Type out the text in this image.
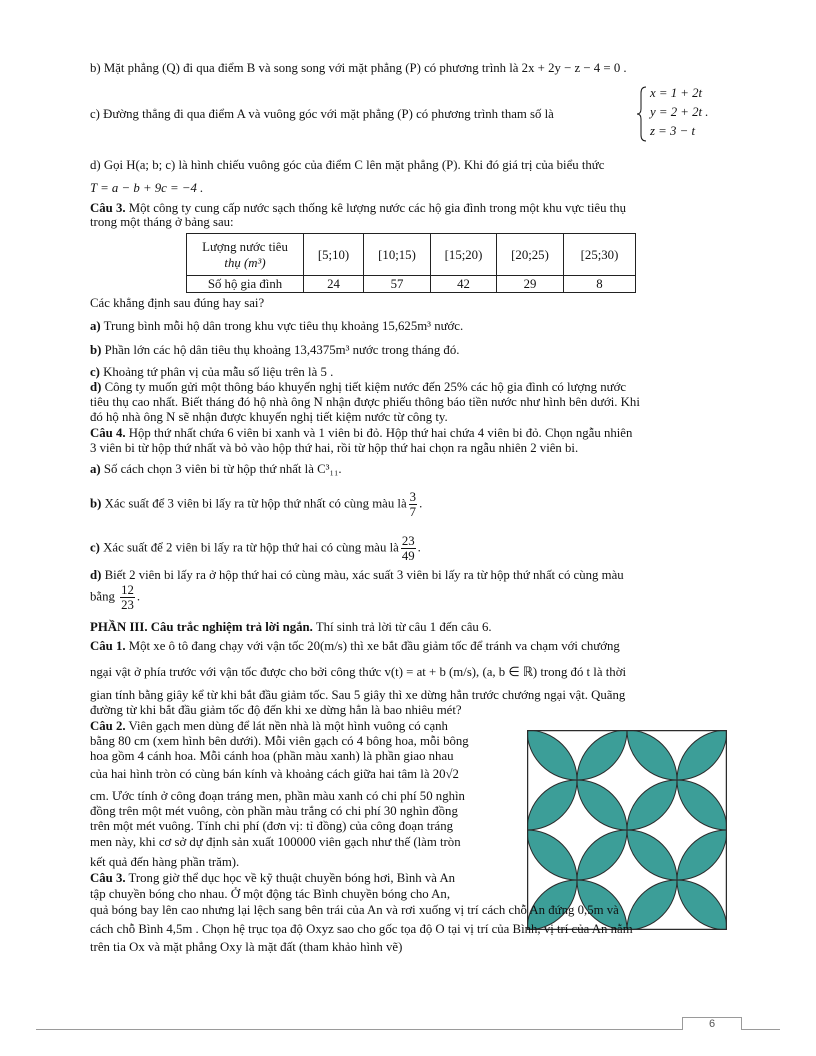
b) Mặt phẳng (Q) đi qua điểm B và song song với mặt phẳng (P) có phương trình là 2x + 2y − z − 4 = 0 .
c) Đường thẳng đi qua điểm A và vuông góc với mặt phẳng (P) có phương trình tham số là
x = 1 + 2t
y = 2 + 2t .
z = 3 − t
d) Gọi H(a; b; c) là hình chiếu vuông góc của điểm C lên mặt phẳng (P). Khi đó giá trị của biểu thức
T = a − b + 9c = −4 .
Câu 3. Một công ty cung cấp nước sạch thống kê lượng nước các hộ gia đình trong một khu vực tiêu thụ
trong một tháng ở bảng sau:
Lượng nước tiêu
thụ (m³)	[5;10)	[10;15)	[15;20)	[20;25)	[25;30)
Số hộ gia đình	24	57	42	29	8
Các khẳng định sau đúng hay sai?
a) Trung bình mỗi hộ dân trong khu vực tiêu thụ khoảng 15,625m³ nước.
b) Phần lớn các hộ dân tiêu thụ khoảng 13,4375m³ nước trong tháng đó.
c) Khoảng tứ phân vị của mẫu số liệu trên là 5 .
d) Công ty muốn gửi một thông báo khuyến nghị tiết kiệm nước đến 25% các hộ gia đình có lượng nước
tiêu thụ cao nhất. Biết tháng đó hộ nhà ông N nhận được phiếu thông báo tiền nước như hình bên dưới. Khi
đó hộ nhà ông N sẽ nhận được khuyến nghị tiết kiệm nước từ công ty.
Câu 4. Hộp thứ nhất chứa 6 viên bi xanh và 1 viên bi đỏ. Hộp thứ hai chứa 4 viên bi đỏ. Chọn ngẫu nhiên
3 viên bi từ hộp thứ nhất và bỏ vào hộp thứ hai, rồi từ hộp thứ hai chọn ra ngẫu nhiên 2 viên bi.
a) Số cách chọn 3 viên bi từ hộp thứ nhất là C³₁₁.
b) Xác suất để 3 viên bi lấy ra từ hộp thứ nhất có cùng màu là $\frac{3}{7}$ .
c) Xác suất để 2 viên bi lấy ra từ hộp thứ hai có cùng màu là $\frac{23}{49}$ .
d) Biết 2 viên bi lấy ra ở hộp thứ hai có cùng màu, xác suất 3 viên bi lấy ra từ hộp thứ nhất có cùng màu
bằng $\frac{12}{23}$ .
PHẦN III. Câu trắc nghiệm trả lời ngắn. Thí sinh trả lời từ câu 1 đến câu 6.
Câu 1. Một xe ô tô đang chạy với vận tốc 20(m/s) thì xe bắt đầu giảm tốc để tránh va chạm với chướng
ngại vật ở phía trước với vận tốc được cho bởi công thức v(t) = at + b (m/s), (a, b ∈ ℝ) trong đó t là thời
gian tính bằng giây kể từ khi bắt đầu giảm tốc. Sau 5 giây thì xe dừng hẳn trước chướng ngại vật. Quãng
đường từ khi bắt đầu giảm tốc độ đến khi xe dừng hẳn là bao nhiêu mét?
Câu 2. Viên gạch men dùng để lát nền nhà là một hình vuông có cạnh
bằng 80 cm (xem hình bên dưới). Mỗi viên gạch có 4 bông hoa, mỗi bông
hoa gồm 4 cánh hoa. Mỗi cánh hoa (phần màu xanh) là phần giao nhau
của hai hình tròn có cùng bán kính và khoảng cách giữa hai tâm là 20√2
cm. Ước tính ở công đoạn tráng men, phần màu xanh có chi phí 50 nghìn
đồng trên một mét vuông, còn phần màu trắng có chi phí 30 nghìn đồng
trên một mét vuông. Tính chi phí (đơn vị: tỉ đồng) của công đoạn tráng
men này, khi cơ sở dự định sản xuất 100000 viên gạch như thế (làm tròn
kết quả đến hàng phần trăm).
Câu 3. Trong giờ thể dục học về kỹ thuật chuyền bóng hơi, Bình và An
tập chuyền bóng cho nhau. Ở một động tác Bình chuyền bóng cho An,
quả bóng bay lên cao nhưng lại lệch sang bên trái của An và rơi xuống vị trí cách chỗ An đứng 0,5m và
cách chỗ Bình 4,5m . Chọn hệ trục tọa độ Oxyz sao cho gốc tọa độ O tại vị trí của Bình, vị trí của An nằm
trên tia Ox và mặt phẳng Oxy là mặt đất (tham khảo hình vẽ)
6
